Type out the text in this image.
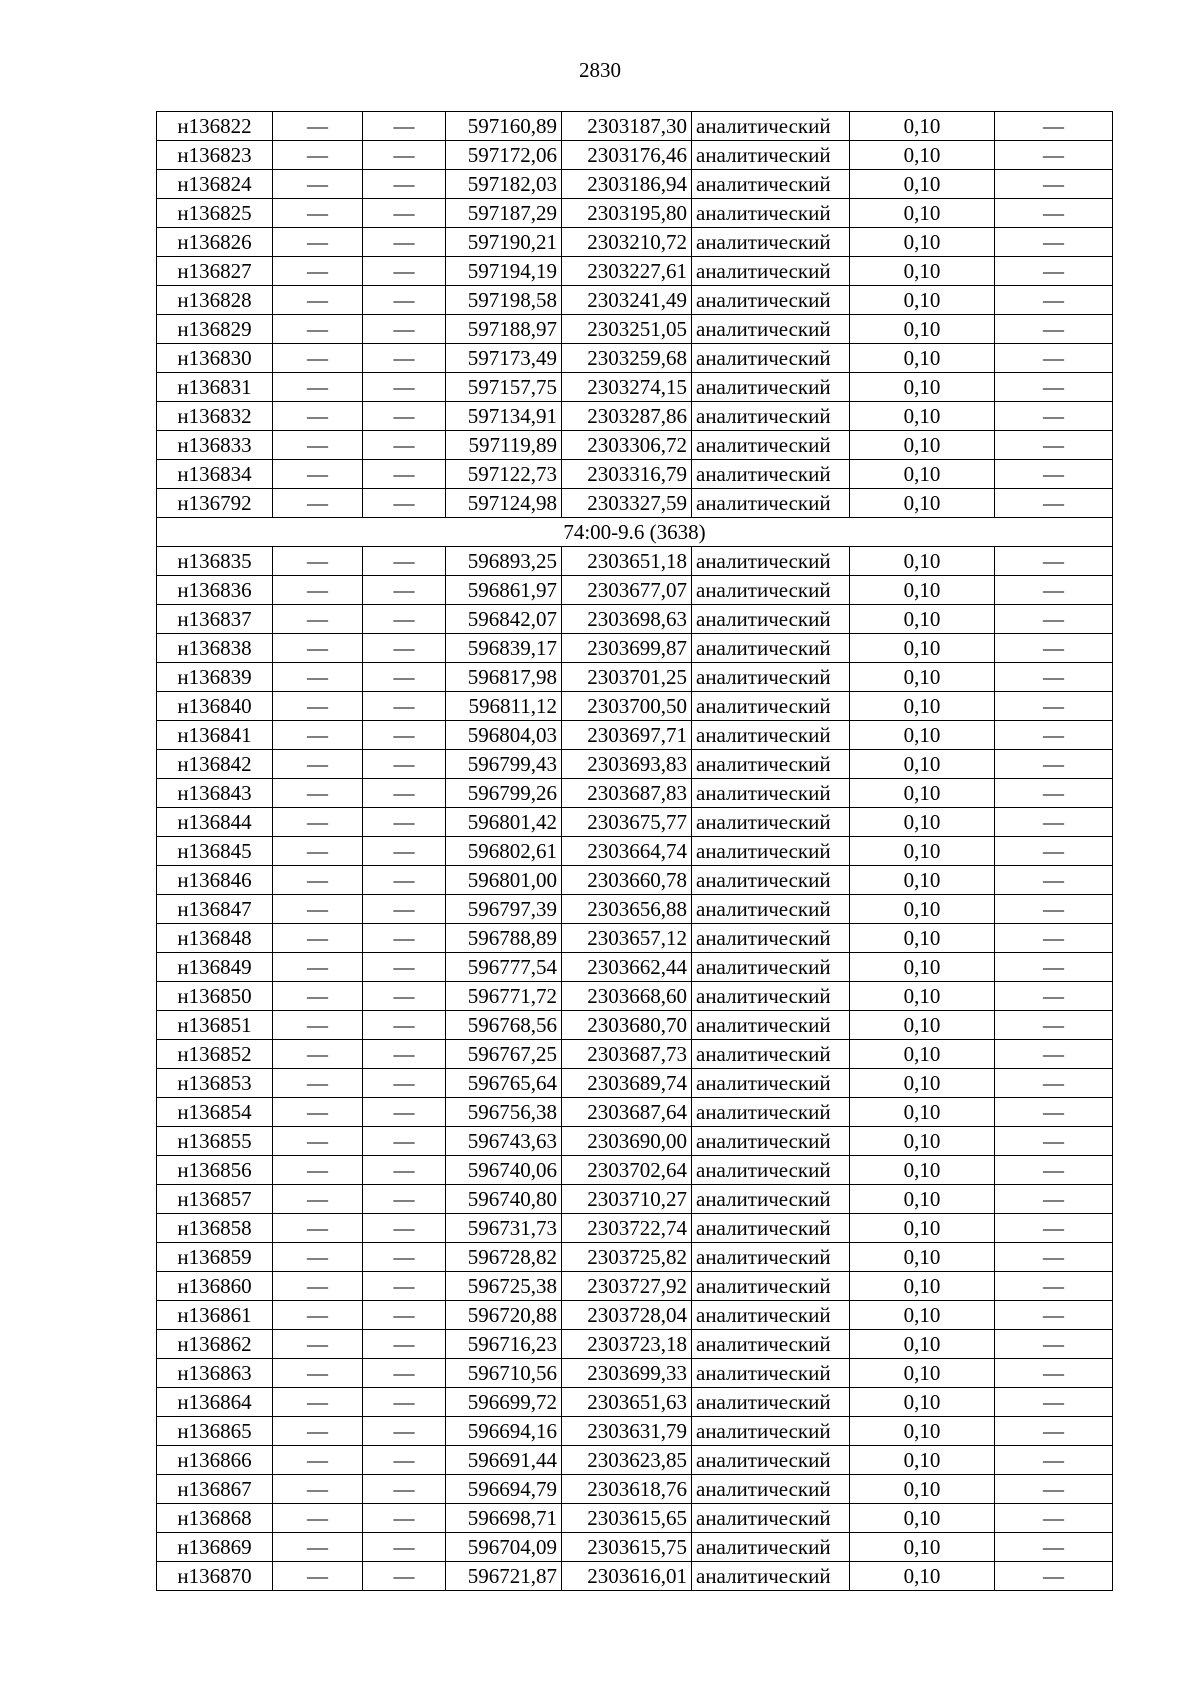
2830
н136822	—	—	597160,89	2303187,30	аналитический	0,10	—
н136823	—	—	597172,06	2303176,46	аналитический	0,10	—
н136824	—	—	597182,03	2303186,94	аналитический	0,10	—
н136825	—	—	597187,29	2303195,80	аналитический	0,10	—
н136826	—	—	597190,21	2303210,72	аналитический	0,10	—
н136827	—	—	597194,19	2303227,61	аналитический	0,10	—
н136828	—	—	597198,58	2303241,49	аналитический	0,10	—
н136829	—	—	597188,97	2303251,05	аналитический	0,10	—
н136830	—	—	597173,49	2303259,68	аналитический	0,10	—
н136831	—	—	597157,75	2303274,15	аналитический	0,10	—
н136832	—	—	597134,91	2303287,86	аналитический	0,10	—
н136833	—	—	597119,89	2303306,72	аналитический	0,10	—
н136834	—	—	597122,73	2303316,79	аналитический	0,10	—
н136792	—	—	597124,98	2303327,59	аналитический	0,10	—
74:00-9.6 (3638)							
н136835	—	—	596893,25	2303651,18	аналитический	0,10	—
н136836	—	—	596861,97	2303677,07	аналитический	0,10	—
н136837	—	—	596842,07	2303698,63	аналитический	0,10	—
н136838	—	—	596839,17	2303699,87	аналитический	0,10	—
н136839	—	—	596817,98	2303701,25	аналитический	0,10	—
н136840	—	—	596811,12	2303700,50	аналитический	0,10	—
н136841	—	—	596804,03	2303697,71	аналитический	0,10	—
н136842	—	—	596799,43	2303693,83	аналитический	0,10	—
н136843	—	—	596799,26	2303687,83	аналитический	0,10	—
н136844	—	—	596801,42	2303675,77	аналитический	0,10	—
н136845	—	—	596802,61	2303664,74	аналитический	0,10	—
н136846	—	—	596801,00	2303660,78	аналитический	0,10	—
н136847	—	—	596797,39	2303656,88	аналитический	0,10	—
н136848	—	—	596788,89	2303657,12	аналитический	0,10	—
н136849	—	—	596777,54	2303662,44	аналитический	0,10	—
н136850	—	—	596771,72	2303668,60	аналитический	0,10	—
н136851	—	—	596768,56	2303680,70	аналитический	0,10	—
н136852	—	—	596767,25	2303687,73	аналитический	0,10	—
н136853	—	—	596765,64	2303689,74	аналитический	0,10	—
н136854	—	—	596756,38	2303687,64	аналитический	0,10	—
н136855	—	—	596743,63	2303690,00	аналитический	0,10	—
н136856	—	—	596740,06	2303702,64	аналитический	0,10	—
н136857	—	—	596740,80	2303710,27	аналитический	0,10	—
н136858	—	—	596731,73	2303722,74	аналитический	0,10	—
н136859	—	—	596728,82	2303725,82	аналитический	0,10	—
н136860	—	—	596725,38	2303727,92	аналитический	0,10	—
н136861	—	—	596720,88	2303728,04	аналитический	0,10	—
н136862	—	—	596716,23	2303723,18	аналитический	0,10	—
н136863	—	—	596710,56	2303699,33	аналитический	0,10	—
н136864	—	—	596699,72	2303651,63	аналитический	0,10	—
н136865	—	—	596694,16	2303631,79	аналитический	0,10	—
н136866	—	—	596691,44	2303623,85	аналитический	0,10	—
н136867	—	—	596694,79	2303618,76	аналитический	0,10	—
н136868	—	—	596698,71	2303615,65	аналитический	0,10	—
н136869	—	—	596704,09	2303615,75	аналитический	0,10	—
н136870	—	—	596721,87	2303616,01	аналитический	0,10	—
